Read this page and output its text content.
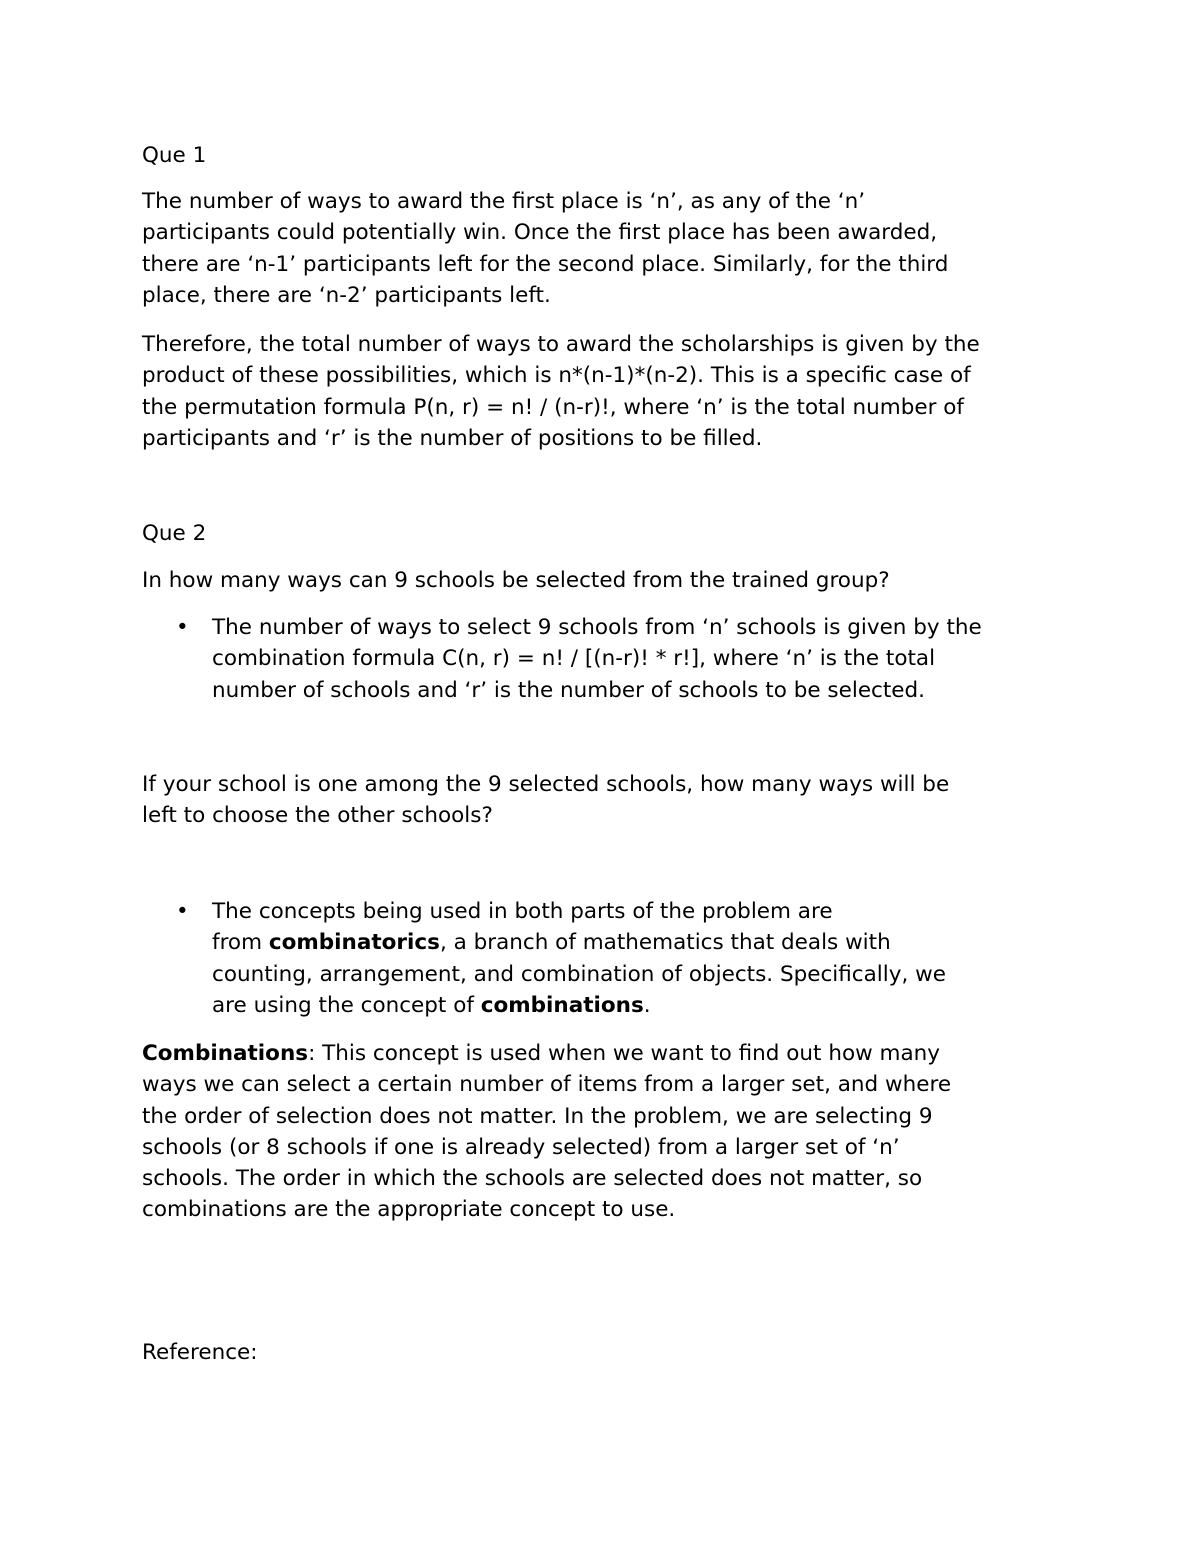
Que 1

The number of ways to award the first place is ‘n’, as any of the ‘n’
participants could potentially win. Once the first place has been awarded,
there are ‘n-1’ participants left for the second place. Similarly, for the third
place, there are ‘n-2’ participants left.

Therefore, the total number of ways to award the scholarships is given by the
product of these possibilities, which is n*(n-1)*(n-2). This is a specific case of
the permutation formula P(n, r) = n! / (n-r)!, where ‘n’ is the total number of
participants and ‘r’ is the number of positions to be filled.

Que 2

In how many ways can 9 schools be selected from the trained group?

• The number of ways to select 9 schools from ‘n’ schools is given by the
combination formula C(n, r) = n! / [(n-r)! * r!], where ‘n’ is the total
number of schools and ‘r’ is the number of schools to be selected.

If your school is one among the 9 selected schools, how many ways will be
left to choose the other schools?

• The concepts being used in both parts of the problem are
from combinatorics, a branch of mathematics that deals with
counting, arrangement, and combination of objects. Specifically, we
are using the concept of combinations.

Combinations: This concept is used when we want to find out how many
ways we can select a certain number of items from a larger set, and where
the order of selection does not matter. In the problem, we are selecting 9
schools (or 8 schools if one is already selected) from a larger set of ‘n’
schools. The order in which the schools are selected does not matter, so
combinations are the appropriate concept to use.

Reference:
